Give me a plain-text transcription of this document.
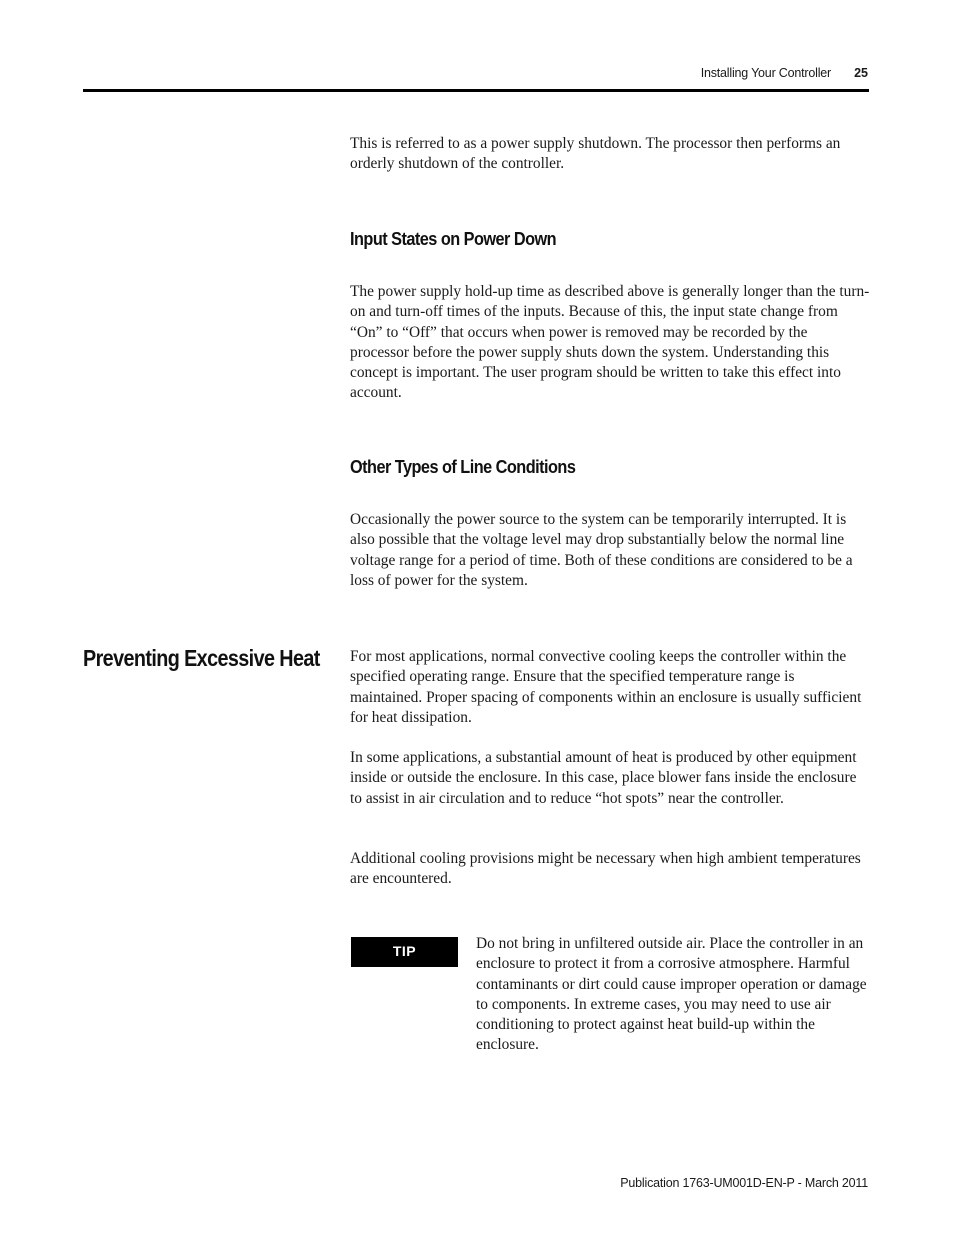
Installing Your Controller 25

This is referred to as a power supply shutdown. The processor then performs an orderly shutdown of the controller.

Input States on Power Down

The power supply hold-up time as described above is generally longer than the turn-on and turn-off times of the inputs. Because of this, the input state change from “On” to “Off” that occurs when power is removed may be recorded by the processor before the power supply shuts down the system. Understanding this concept is important. The user program should be written to take this effect into account.

Other Types of Line Conditions

Occasionally the power source to the system can be temporarily interrupted. It is also possible that the voltage level may drop substantially below the normal line voltage range for a period of time. Both of these conditions are considered to be a loss of power for the system.

Preventing Excessive Heat For most applications, normal convective cooling keeps the controller within the specified operating range. Ensure that the specified temperature range is maintained. Proper spacing of components within an enclosure is usually sufficient for heat dissipation.

In some applications, a substantial amount of heat is produced by other equipment inside or outside the enclosure. In this case, place blower fans inside the enclosure to assist in air circulation and to reduce “hot spots” near the controller.

Additional cooling provisions might be necessary when high ambient temperatures are encountered.

TIP	Do not bring in unfiltered outside air. Place the controller in an enclosure to protect it from a corrosive atmosphere. Harmful contaminants or dirt could cause improper operation or damage to components. In extreme cases, you may need to use air conditioning to protect against heat build-up within the enclosure.

Publication 1763-UM001D-EN-P - March 2011
